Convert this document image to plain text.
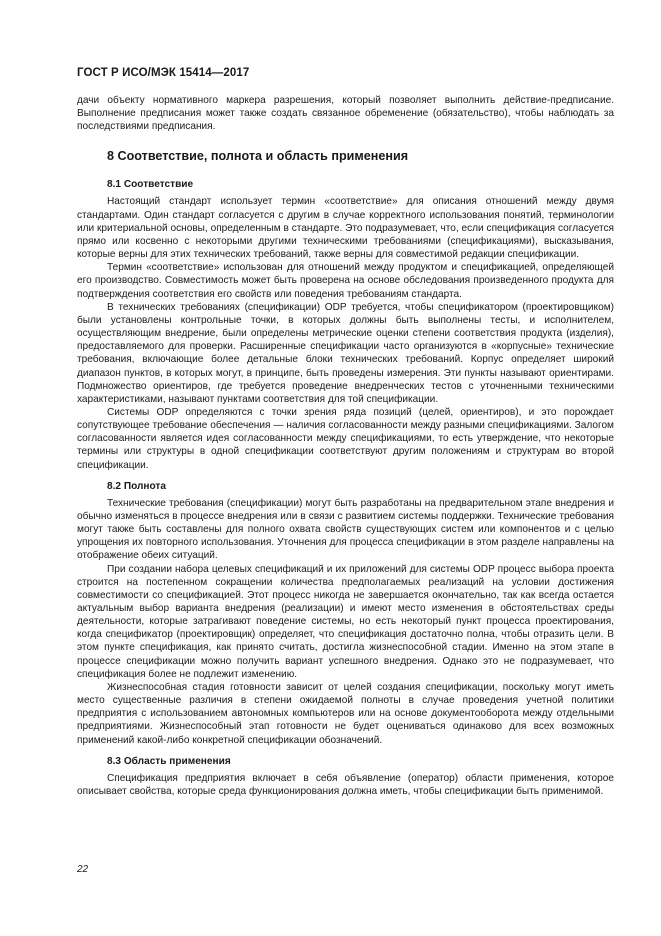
ГОСТ Р ИСО/МЭК 15414—2017

дачи объекту нормативного маркера разрешения, который позволяет выполнить действие-предписание. Выполнение предписания может также создать связанное обременение (обязательство), чтобы наблюдать за последствиями предписания.

8 Соответствие, полнота и область применения
8.1 Соответствие

Настоящий стандарт использует термин «соответствие» для описания отношений между двумя стандартами. Один стандарт согласуется с другим в случае корректного использования понятий, терминологии или критериальной основы, определенным в стандарте. Это подразумевает, что, если спецификация согласуется прямо или косвенно с некоторыми другими техническими требованиями (спецификациями), высказывания, которые верны для этих технических требований, также верны для совместимой редакции спецификации.

Термин «соответствие» использован для отношений между продуктом и спецификацией, определяющей его производство. Совместимость может быть проверена на основе обследования произведенного продукта для подтверждения соответствия его свойств или поведения требованиям стандарта.

В технических требованиях (спецификации) ODP требуется, чтобы спецификатором (проектировщиком) были установлены контрольные точки, в которых должны быть выполнены тесты, и исполнителем, осуществляющим внедрение, были определены метрические оценки степени соответствия продукта (изделия), предоставляемого для проверки. Расширенные спецификации часто организуются в «корпусные» технические требования, включающие более детальные блоки технических требований. Корпус определяет широкий диапазон пунктов, в которых могут, в принципе, быть проведены измерения. Эти пункты называют ориентирами. Подмножество ориентиров, где требуется проведение внедренческих тестов с уточненными техническими характеристиками, называют пунктами соответствия для той спецификации.

Системы ODP определяются с точки зрения ряда позиций (целей, ориентиров), и это порождает сопутствующее требование обеспечения — наличия согласованности между разными спецификациями. Залогом согласованности является идея согласованности между спецификациями, то есть утверждение, что некоторые термины или структуры в одной спецификации соответствуют другим положениям и структурам во второй спецификации.

8.2 Полнота

Технические требования (спецификации) могут быть разработаны на предварительном этапе внедрения и обычно изменяться в процессе внедрения или в связи с развитием системы поддержки. Технические требования могут также быть составлены для полного охвата свойств существующих систем или компонентов и с целью упрощения их повторного использования. Уточнения для процесса спецификации в этом разделе направлены на отображение обеих ситуаций.

При создании набора целевых спецификаций и их приложений для системы ODP процесс выбора проекта строится на постепенном сокращении количества предполагаемых реализаций на условии достижения совместимости со спецификацией. Этот процесс никогда не завершается окончательно, так как всегда остается актуальным выбор варианта внедрения (реализации) и имеют место изменения в обстоятельствах среды деятельности, которые затрагивают поведение системы, но есть некоторый пункт процесса проектирования, когда спецификатор (проектировщик) определяет, что спецификация достаточно полна, чтобы отразить цели. В этом пункте спецификация, как принято считать, достигла жизнеспособной стадии. Именно на этом этапе в процессе спецификации можно получить вариант успешного внедрения. Однако это не подразумевает, что спецификация более не подлежит изменению.

Жизнеспособная стадия готовности зависит от целей создания спецификации, поскольку могут иметь место существенные различия в степени ожидаемой полноты в случае проведения учетной политики предприятия с использованием автономных компьютеров или на основе документооборота между отдельными предприятиями. Жизнеспособный этап готовности не будет оцениваться одинаково для всех возможных применений какой-либо конкретной спецификации обозначений.

8.3 Область применения

Спецификация предприятия включает в себя объявление (оператор) области применения, которое описывает свойства, которые среда функционирования должна иметь, чтобы спецификации быть применимой.

22
